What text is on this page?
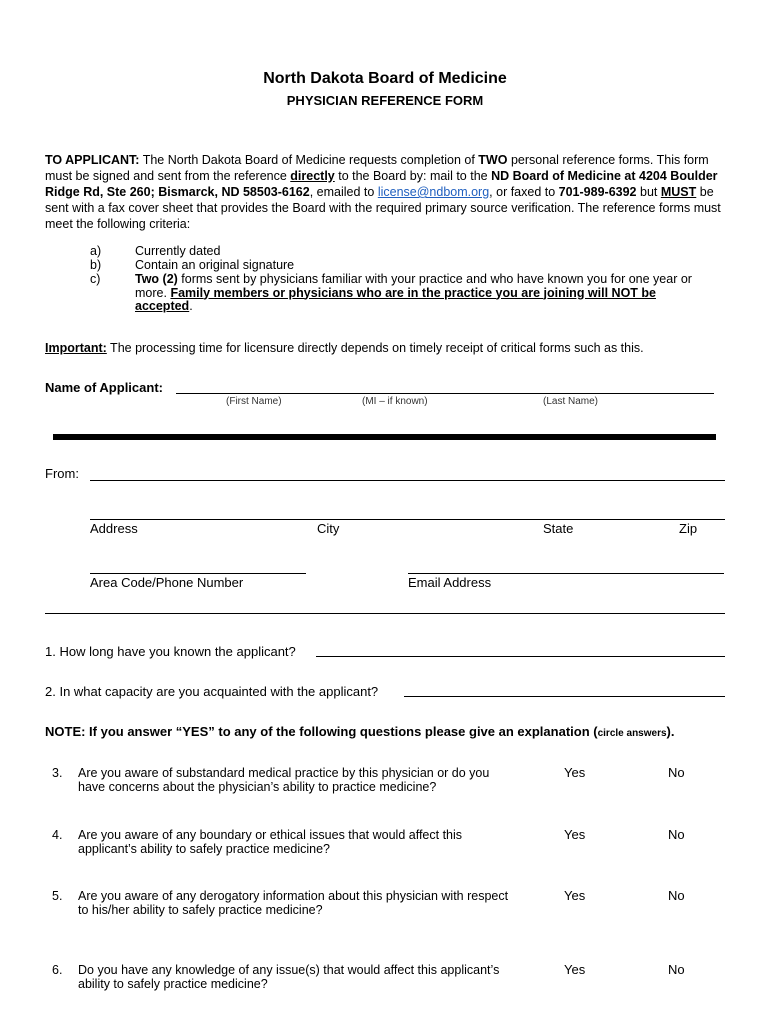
North Dakota Board of Medicine
PHYSICIAN REFERENCE FORM
TO APPLICANT: The North Dakota Board of Medicine requests completion of TWO personal reference forms. This form must be signed and sent from the reference directly to the Board by: mail to the ND Board of Medicine at 4204 Boulder Ridge Rd, Ste 260; Bismarck, ND 58503-6162, emailed to license@ndbom.org, or faxed to 701-989-6392 but MUST be sent with a fax cover sheet that provides the Board with the required primary source verification. The reference forms must meet the following criteria:
a)	Currently dated
b)	Contain an original signature
c)	Two (2) forms sent by physicians familiar with your practice and who have known you for one year or more. Family members or physicians who are in the practice you are joining will NOT be accepted.
Important: The processing time for licensure directly depends on timely receipt of critical forms such as this.
Name of Applicant:
(First Name)	(MI – if known)	(Last Name)
From:
Address	City	State	Zip
Area Code/Phone Number	Email Address
1. How long have you known the applicant?
2. In what capacity are you acquainted with the applicant?
NOTE: If you answer “YES” to any of the following questions please give an explanation (circle answers).
3. Are you aware of substandard medical practice by this physician or do you have concerns about the physician’s ability to practice medicine?
Yes	No
4. Are you aware of any boundary or ethical issues that would affect this applicant’s ability to safely practice medicine?
Yes	No
5. Are you aware of any derogatory information about this physician with respect to his/her ability to safely practice medicine?
Yes	No
6. Do you have any knowledge of any issue(s) that would affect this applicant’s ability to safely practice medicine?
Yes	No
